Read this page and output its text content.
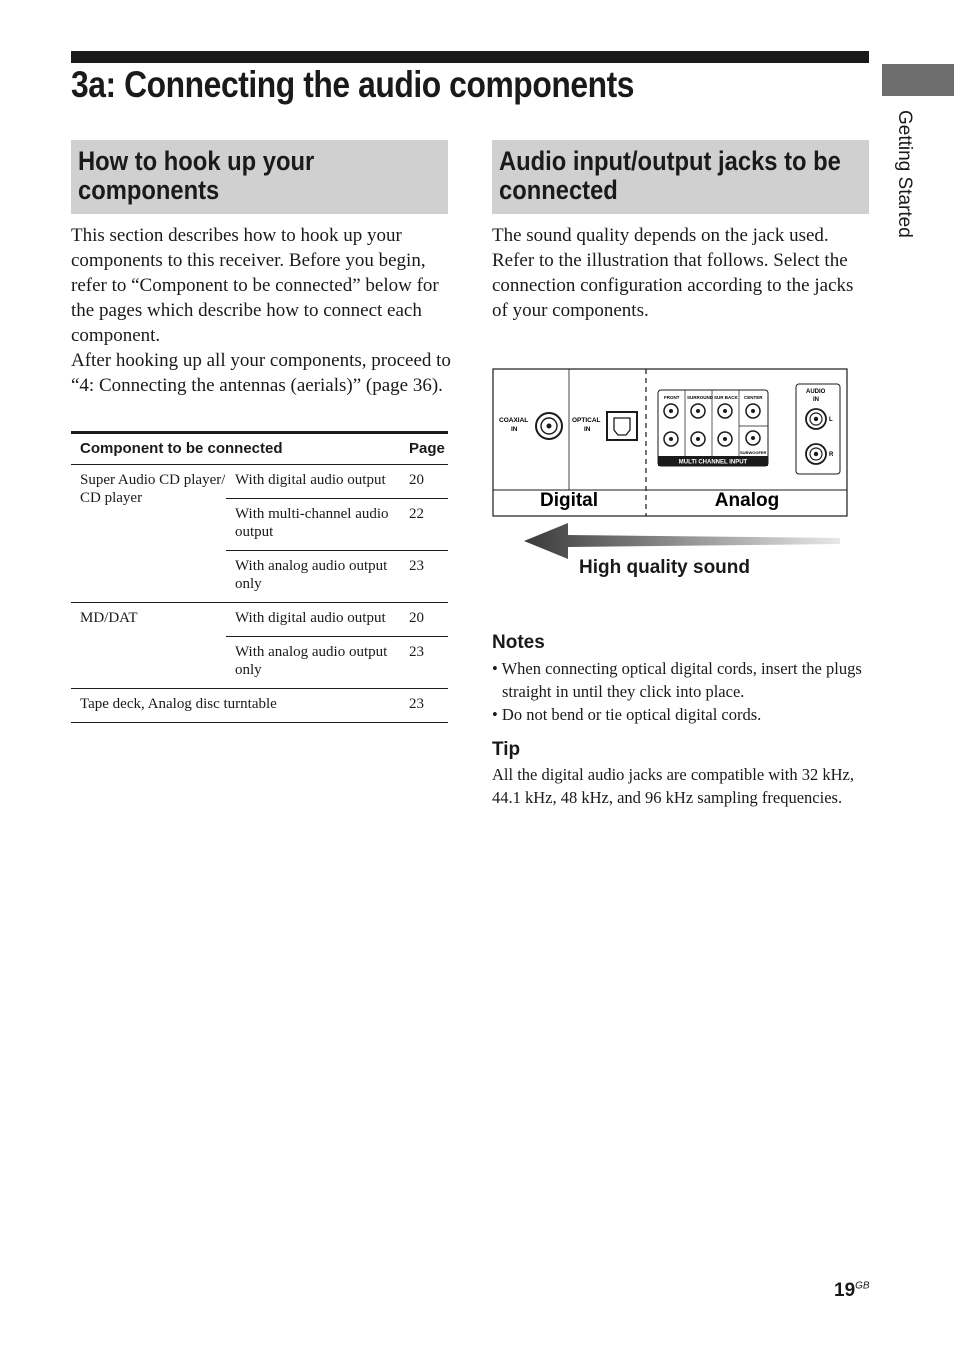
3a: Connecting the audio components
Getting Started
How to hook up your
components

This section describes how to hook up your components to this receiver. Before you begin, refer to “Component to be connected” below for the pages which describe how to connect each component.

After hooking up all your components, proceed to “4: Connecting the antennas (aerials)” (page 36).

Component to be connected		Page
Super Audio CD player/ CD player	With digital audio output	20
	With multi-channel audio output	22
	With analog audio output only	23
MD/DAT	With digital audio output	20
	With analog audio output only	23
Tape deck, Analog disc turntable		23
Audio input/output jacks to be
connected

The sound quality depends on the jack used. Refer to the illustration that follows. Select the connection configuration according to the jacks of your components.

COAXIAL
IN
OPTICAL
IN
FRONT SURROUND SUR BACK CENTER
SUBWOOFER
MULTI CHANNEL INPUT
AUDIO
IN
L
R
Digital	Analog
High quality sound
Notes
• When connecting optical digital cords, insert the plugs straight in until they click into place.
• Do not bend or tie optical digital cords.
Tip

All the digital audio jacks are compatible with 32 kHz, 44.1 kHz, 48 kHz, and 96 kHz sampling frequencies.

$19^{GB}$
